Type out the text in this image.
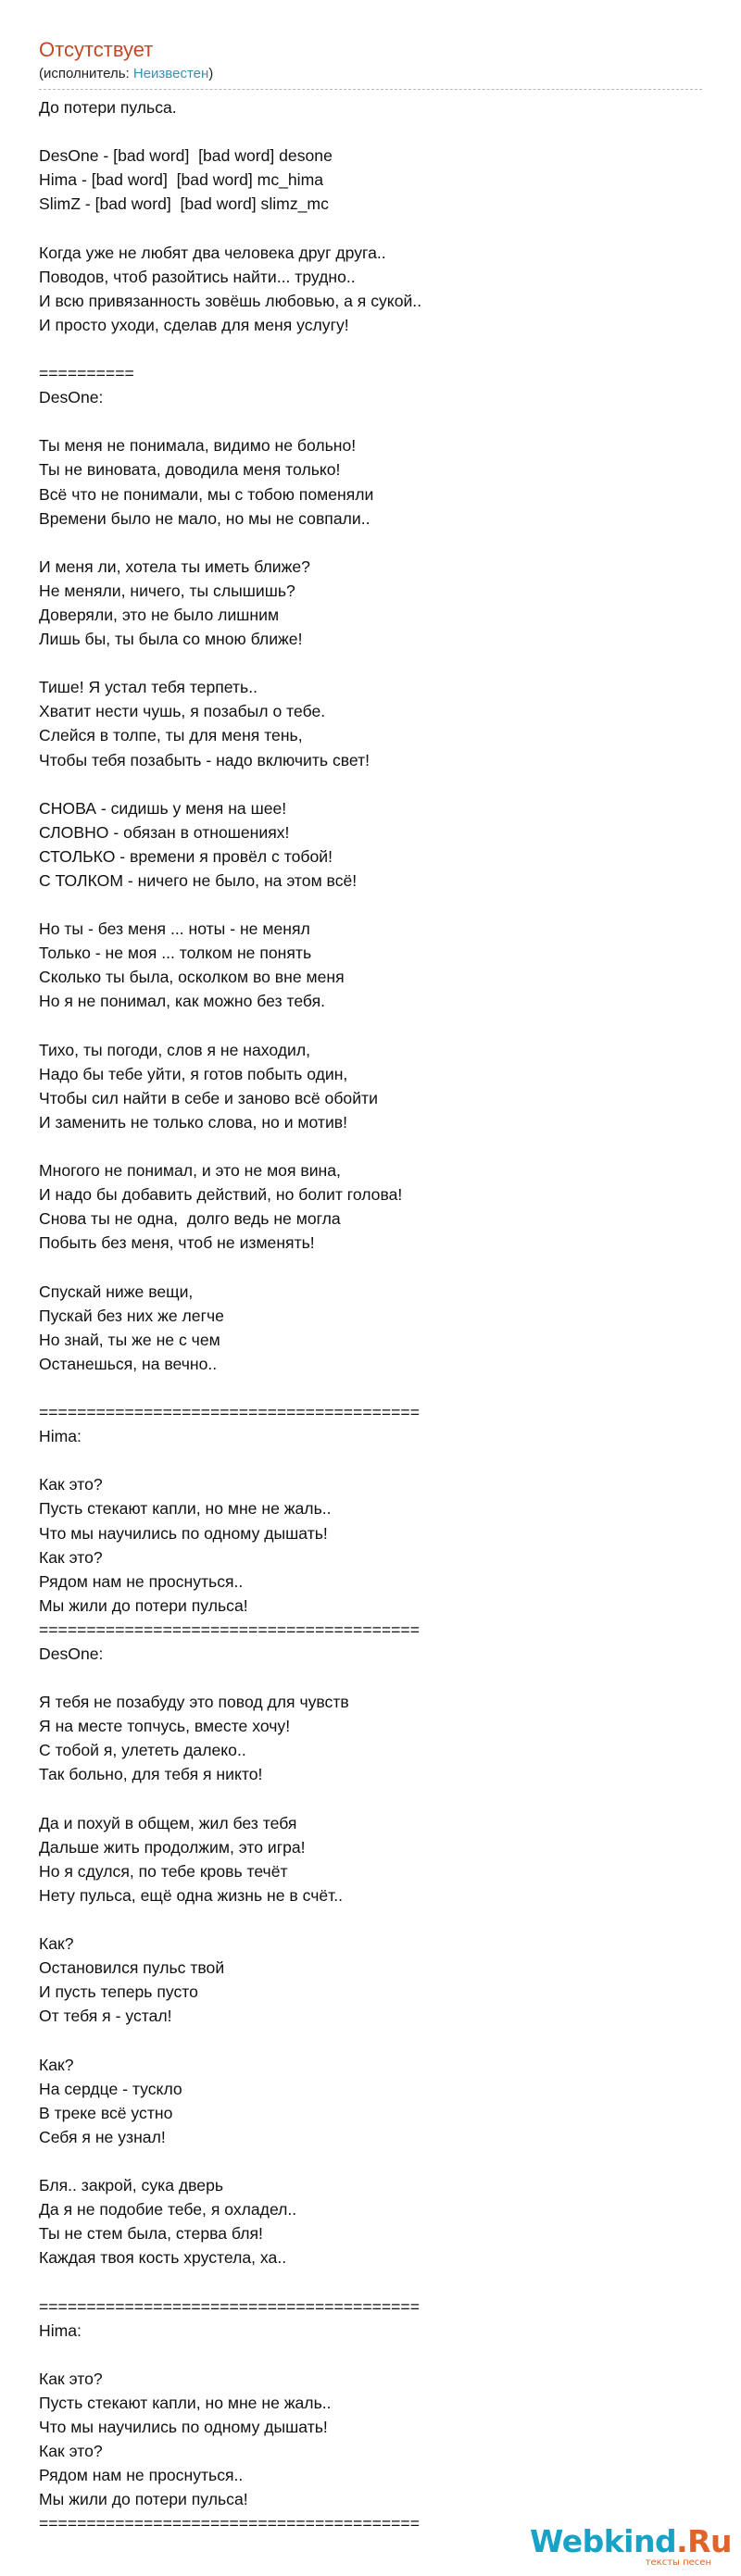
Отсутствует
(исполнитель: Неизвестен)
До потери пульса.

DesOne - [bad word]  [bad word] desone
Hima - [bad word]  [bad word] mc_hima
SlimZ - [bad word]  [bad word] slimz_mc

Когда уже не любят два человека друг друга..
Поводов, чтоб разойтись найти... трудно..
И всю привязанность зовёшь любовью, а я сукой..
И просто уходи, сделав для меня услугу!

==========
DesOne:

Ты меня не понимала, видимо не больно!
Ты не виновата, доводила меня только!
Всё что не понимали, мы с тобою поменяли
Времени было не мало, но мы не совпали..

И меня ли, хотела ты иметь ближе?
Не меняли, ничего, ты слышишь?
Доверяли, это не было лишним
Лишь бы, ты была со мною ближе!

Тише! Я устал тебя терпеть..
Хватит нести чушь, я позабыл о тебе.
Слейся в толпе, ты для меня тень,
Чтобы тебя позабыть - надо включить свет!

СНОВА - сидишь у меня на шее!
СЛОВНО - обязан в отношениях!
СТОЛЬКО - времени я провёл с тобой!
С ТОЛКОМ - ничего не было, на этом всё!

Но ты - без меня ... ноты - не менял
Только - не моя ... толком не понять
Сколько ты была, осколком во вне меня
Но я не понимал, как можно без тебя.

Тихо, ты погоди, слов я не находил,
Надо бы тебе уйти, я готов побыть один,
Чтобы сил найти в себе и заново всё обойти
И заменить не только слова, но и мотив!

Многого не понимал, и это не моя вина,
И надо бы добавить действий, но болит голова!
Снова ты не одна,  долго ведь не могла
Побыть без меня, чтоб не изменять!

Спускай ниже вещи,
Пускай без них же легче
Но знай, ты же не с чем
Останешься, на вечно..

========================================
Hima:

Как это?
Пусть стекают капли, но мне не жаль..
Что мы научились по одному дышать!
Как это?
Рядом нам не проснуться..
Мы жили до потери пульса!
========================================
DesOne:

Я тебя не позабуду это повод для чувств
Я на месте топчусь, вместе хочу!
С тобой я, улететь далеко..
Так больно, для тебя я никто!

Да и похуй в общем, жил без тебя
Дальше жить продолжим, это игра!
Но я сдулся, по тебе кровь течёт
Нету пульса, ещё одна жизнь не в счёт..

Как?
Остановился пульс твой
И пусть теперь пусто
От тебя я - устал!

Как?
На сердце - тускло
В треке всё устно
Себя я не узнал!

Бля.. закрой, сука дверь
Да я не подобие тебе, я охладел..
Ты не стем была, стерва бля!
Каждая твоя кость хрустела, ха..

========================================
Hima:

Как это?
Пусть стекают капли, но мне не жаль..
Что мы научились по одному дышать!
Как это?
Рядом нам не проснуться..
Мы жили до потери пульса!
========================================	Webkind.Ru
тексты песен
